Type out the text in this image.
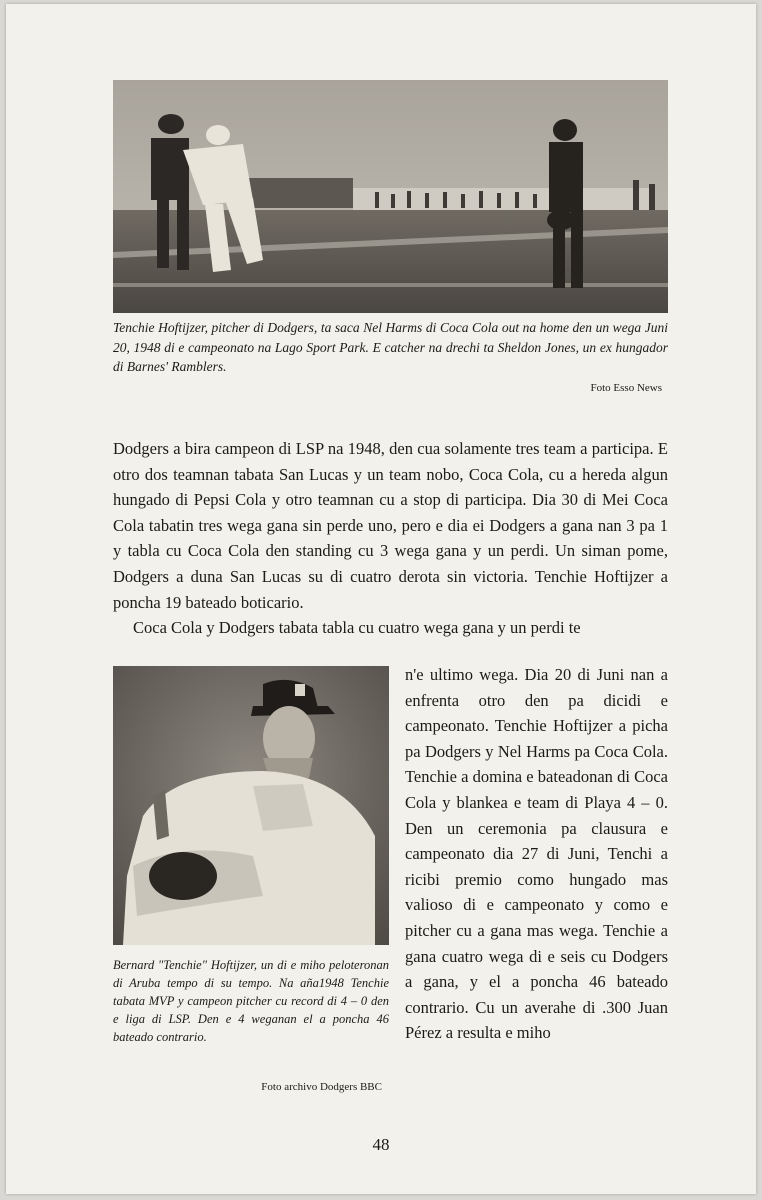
Tenchie Hoftijzer, pitcher di Dodgers, ta saca Nel Harms di Coca Cola out na home den un wega Juni 20, 1948 di e campeonato na Lago Sport Park. E catcher na drechi ta Sheldon Jones, un ex hungador di Barnes' Ramblers.
Foto Esso News

Dodgers a bira campeon di LSP na 1948, den cua solamente tres team a participa. E otro dos teamnan tabata San Lucas y un team nobo, Coca Cola, cu a hereda algun hungado di Pepsi Cola y otro teamnan cu a stop di participa. Dia 30 di Mei Coca Cola tabatin tres wega gana sin perde uno, pero e dia ei Dodgers a gana nan 3 pa 1 y tabla cu Coca Cola den standing cu 3 wega gana y un perdi. Un siman pome, Dodgers a duna San Lucas su di cuatro derota sin victoria. Tenchie Hoftijzer a poncha 19 bateado boticario.

Coca Cola y Dodgers tabata tabla cu cuatro wega gana y un perdi te

Bernard "Tenchie" Hoftijzer, un di e miho peloteronan di Aruba tempo di su tempo. Na aña1948 Tenchie tabata MVP y campeon pitcher cu record di 4 – 0 den e liga di LSP. Den e 4 weganan el a poncha 46 bateado contrario.
Foto archivo Dodgers BBC

n'e ultimo wega. Dia 20 di Juni nan a enfrenta otro den pa dicidi e campeonato. Tenchie Hoftijzer a picha pa Dodgers y Nel Harms pa Coca Cola. Tenchie a domina e bateadonan di Coca Cola y blankea e team di Playa 4 – 0. Den un ceremonia pa clausura e campeonato dia 27 di Juni, Tenchi a ricibi premio como hungado mas valioso di e campeonato y como e pitcher cu a gana mas wega. Tenchie a gana cuatro wega di e seis cu Dodgers a gana, y el a poncha 46 bateado contrario. Cu un averahe di .300 Juan Pérez a resulta e miho

48
